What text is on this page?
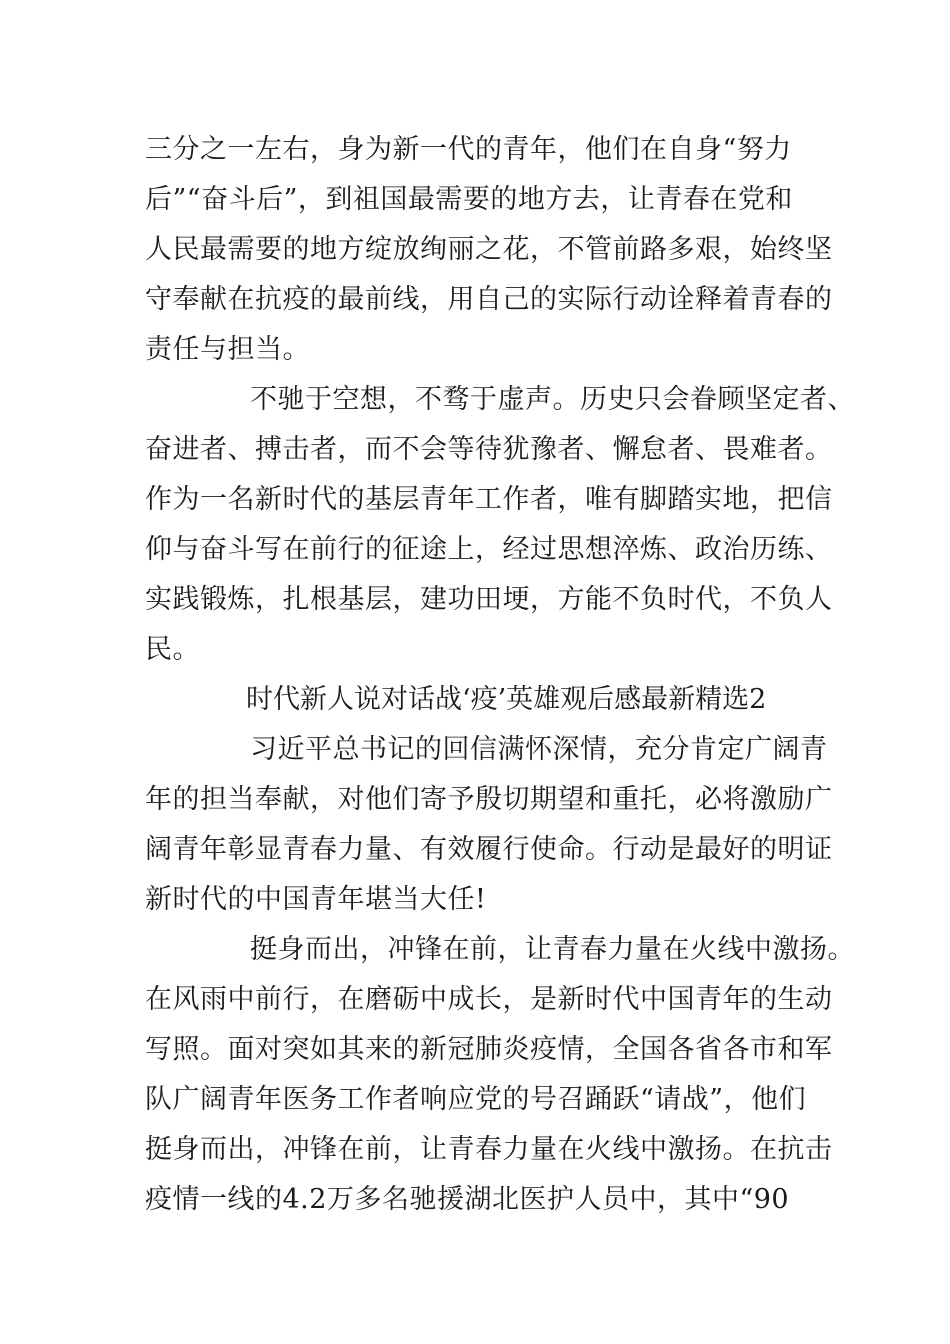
三分之一左右，身为新一代的青年，他们在自身“努力
后”“奋斗后”，到祖国最需要的地方去，让青春在党和
人民最需要的地方绽放绚丽之花，不管前路多艰，始终坚
守奉献在抗疫的最前线，用自己的实际行动诠释着青春的
责任与担当。
不驰于空想，不骛于虚声。历史只会眷顾坚定者、
奋进者、搏击者，而不会等待犹豫者、懈怠者、畏难者。
作为一名新时代的基层青年工作者，唯有脚踏实地，把信
仰与奋斗写在前行的征途上，经过思想淬炼、政治历练、
实践锻炼，扎根基层，建功田埂，方能不负时代，不负人
民。
时代新人说对话战‘疫’英雄观后感最新精选2
习近平总书记的回信满怀深情，充分肯定广阔青
年的担当奉献，对他们寄予殷切期望和重托，必将激励广
阔青年彰显青春力量、有效履行使命。行动是最好的明证
新时代的中国青年堪当大任!
挺身而出，冲锋在前，让青春力量在火线中激扬。
在风雨中前行，在磨砺中成长，是新时代中国青年的生动
写照。面对突如其来的新冠肺炎疫情，全国各省各市和军
队广阔青年医务工作者响应党的号召踊跃“请战”，他们
挺身而出，冲锋在前，让青春力量在火线中激扬。在抗击
疫情一线的4.2万多名驰援湖北医护人员中，其中“90
